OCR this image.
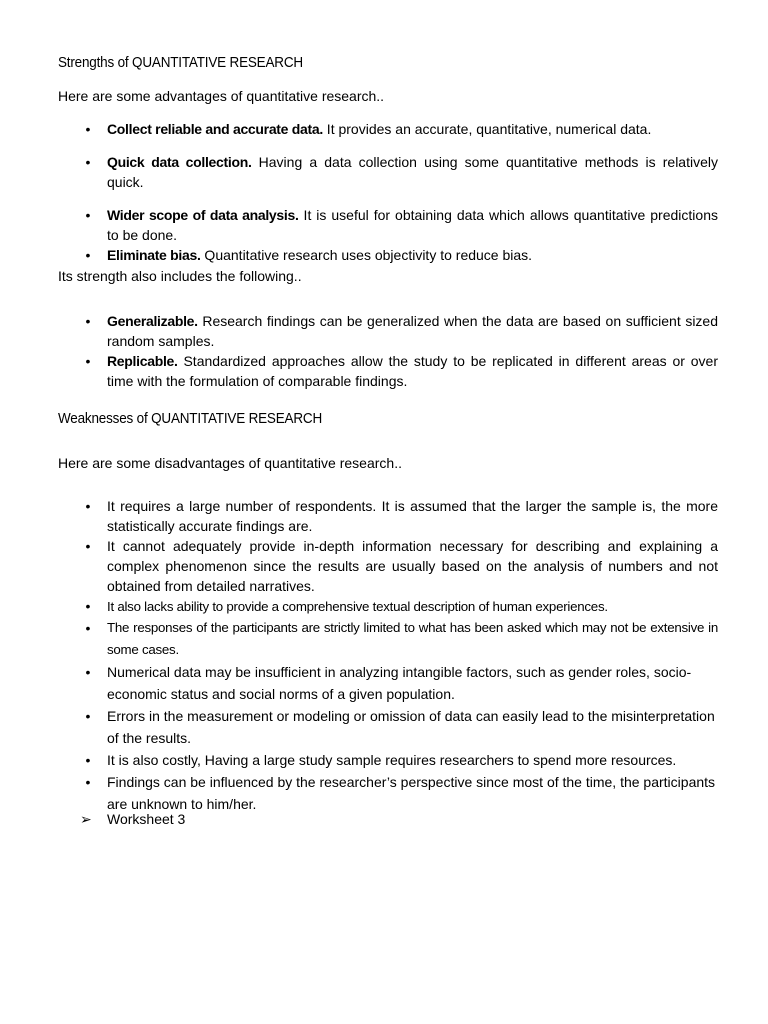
Strengths of QUANTITATIVE RESEARCH
Here are some advantages of quantitative research..
• Collect reliable and accurate data. It provides an accurate, quantitative, numerical data.
• Quick data collection. Having a data collection using some quantitative methods is relatively quick.
• Wider scope of data analysis. It is useful for obtaining data which allows quantitative predictions to be done.
• Eliminate bias. Quantitative research uses objectivity to reduce bias.
Its strength also includes the following..
• Generalizable. Research findings can be generalized when the data are based on sufficient sized random samples.
• Replicable. Standardized approaches allow the study to be replicated in different areas or over time with the formulation of comparable findings.
Weaknesses of QUANTITATIVE RESEARCH
Here are some disadvantages of quantitative research..
• It requires a large number of respondents. It is assumed that the larger the sample is, the more statistically accurate findings are.
• It cannot adequately provide in-depth information necessary for describing and explaining a complex phenomenon since the results are usually based on the analysis of numbers and not obtained from detailed narratives.
• It also lacks ability to provide a comprehensive textual description of human experiences.
• The responses of the participants are strictly limited to what has been asked which may not be extensive in some cases.
• Numerical data may be insufficient in analyzing intangible factors, such as gender roles, socio-economic status and social norms of a given population.
• Errors in the measurement or modeling or omission of data can easily lead to the misinterpretation of the results.
• It is also costly, Having a large study sample requires researchers to spend more resources.
• Findings can be influenced by the researcher’s perspective since most of the time, the participants are unknown to him/her.
➢ Worksheet 3
